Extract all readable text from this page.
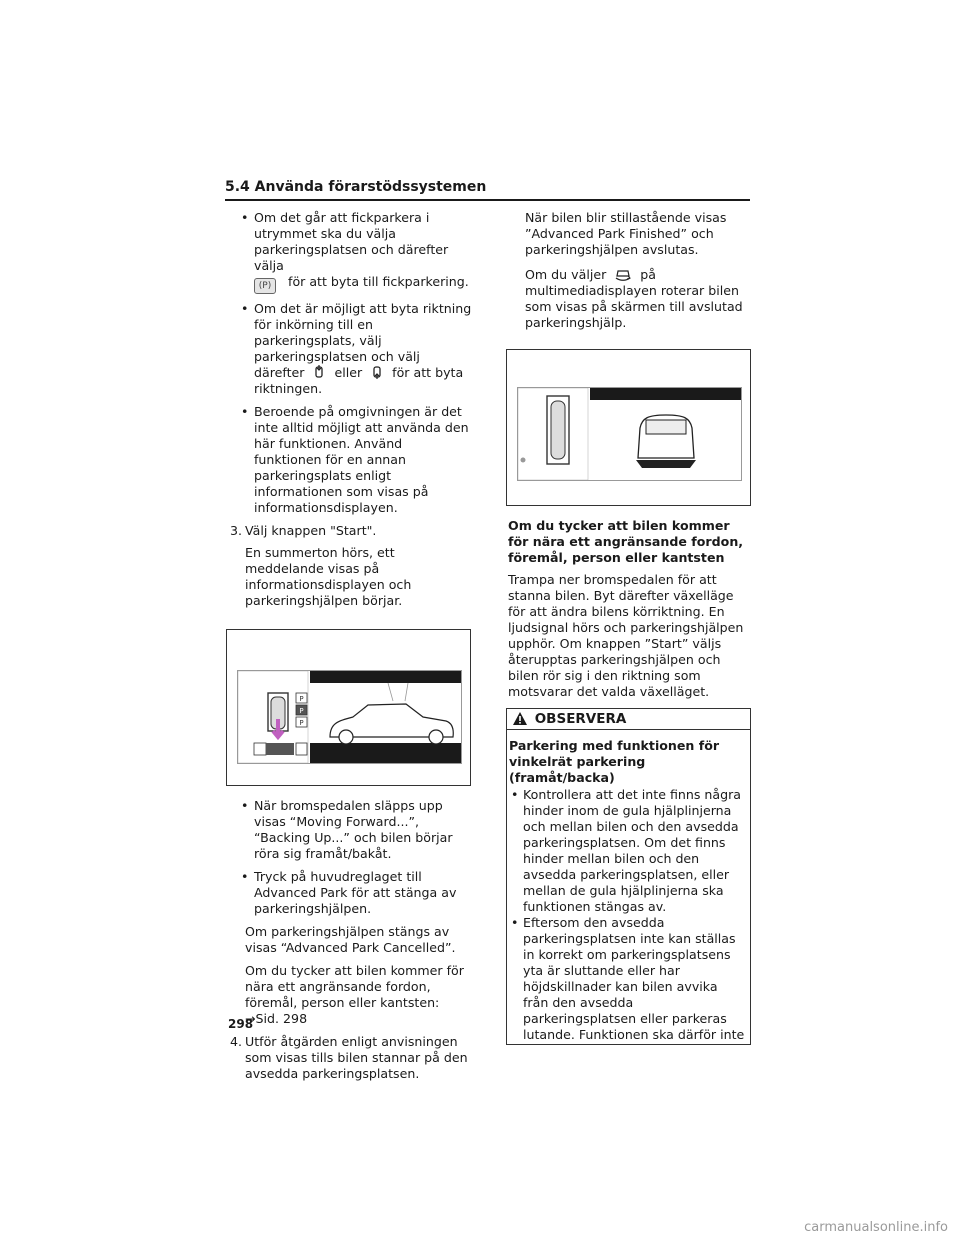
5.4 Använda förarstödssystemen
• Om det går att fickparkera i utrymmet ska du välja parkeringsplatsen och därefter välja
(P) för att byta till fickparkering.
• Om det är möjligt att byta riktning för inkörning till en parkeringsplats, välj parkeringsplatsen och välj därefter eller för att byta riktningen.
• Beroende på omgivningen är det inte alltid möjligt att använda den här funktionen. Använd funktionen för en annan parkeringsplats enligt informationen som visas på informationsdisplayen.
3. Välj knappen "Start".

En summerton hörs, ett meddelande visas på informationsdisplayen och parkeringshjälpen börjar.

P
P
P
• När bromspedalen släpps upp visas “Moving Forward...”, “Backing Up...” och bilen börjar röra sig framåt/bakåt.
• Tryck på huvudreglaget till Advanced Park för att stänga av parkeringshjälpen.

Om parkeringshjälpen stängs av visas “Advanced Park Cancelled”.

Om du tycker att bilen kommer för nära ett angränsande fordon, föremål, person eller kantsten: →Sid. 298

4. Utför åtgärden enligt anvisningen som visas tills bilen stannar på den avsedda parkeringsplatsen.

När bilen blir stillastående visas ”Advanced Park Finished” och parkeringshjälpen avslutas.

Om du väljer	på multimediadisplayen roterar bilen som visas på skärmen till avslutad parkeringshjälp.

Om du tycker att bilen kommer för nära ett angränsande fordon, föremål, person eller kantsten

Trampa ner bromspedalen för att stanna bilen. Byt därefter växelläge för att ändra bilens körriktning. En ljudsignal hörs och parkeringshjälpen upphör. Om knappen ”Start” väljs återupptas parkeringshjälpen och bilen rör sig i den riktning som motsvarar det valda växelläget.

OBSERVERA
Parkering med funktionen för vinkelrät parkering (framåt/backa)
• Kontrollera att det inte finns några hinder inom de gula hjälplinjerna och mellan bilen och den avsedda parkeringsplatsen. Om det finns hinder mellan bilen och den avsedda parkeringsplatsen, eller mellan de gula hjälplinjerna ska funktionen stängas av.
• Eftersom den avsedda parkeringsplatsen inte kan ställas in korrekt om parkeringsplatsens yta är sluttande eller har höjdskillnader kan bilen avvika från den avsedda parkeringsplatsen eller parkeras lutande. Funktionen ska därför inte
298
carmanualsonline.info
